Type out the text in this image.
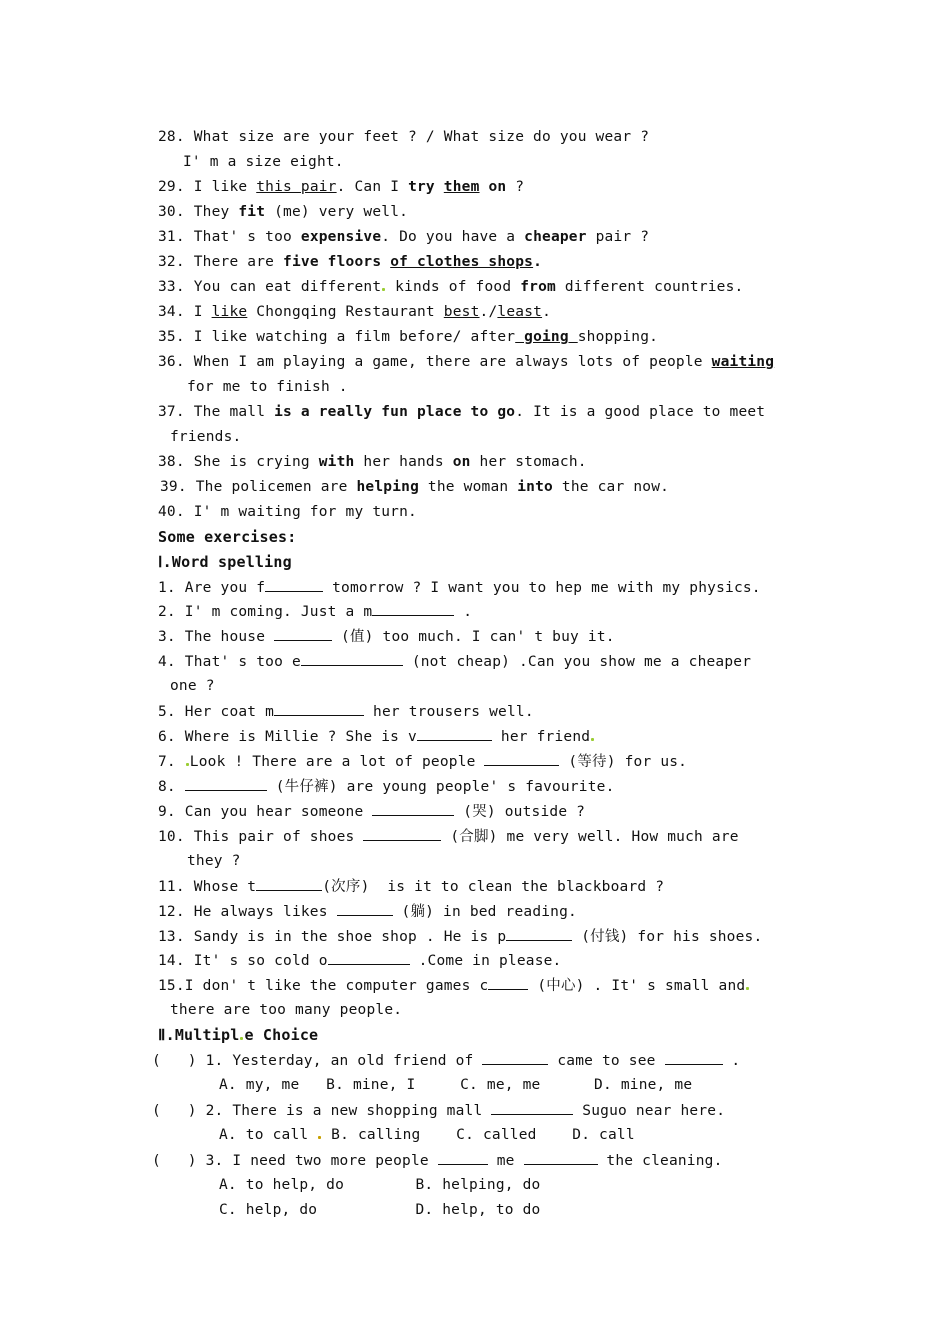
28. What size are your feet ? / What size do you wear ?
I' m a size eight.
29. I like this pair. Can I try them on ?
30. They fit (me) very well.
31. That' s too expensive. Do you have a cheaper pair ?
32. There are five floors of clothes shops.
33. You can eat different kinds of food from different countries.
34. I like Chongqing Restaurant best./least.
35. I like watching a film before/ after going shopping.
36. When I am playing a game, there are always lots of people waiting
for me to finish .
37. The mall is a really fun place to go. It is a good place to meet
friends.
38. She is crying with her hands on her stomach.
39. The policemen are helping the woman into the car now.
40. I' m waiting for my turn.
Some exercises:
Ⅰ.Word spelling
1. Are you f	tomorrow ? I want you to hep me with my physics.
2. I' m coming. Just a m	.
3. The house	(值) too much. I can' t buy it.
4. That' s too e	(not cheap) .Can you show me a cheaper
one ?
5. Her coat m	her trousers well.
6. Where is Millie ? She is v	her friend
7. Look ! There are a lot of people	(等待) for us.
8.	(牛仔裤) are young people' s favourite.
9. Can you hear someone	(哭) outside ?
10. This pair of shoes	(合脚) me very well. How much are
they ?
11. Whose t	(次序)  is it to clean the blackboard ?
12. He always likes	(躺) in bed reading.
13. Sandy is in the shoe shop . He is p	(付钱) for his shoes.
14. It' s so cold o	.Come in please.
15.I don' t like the computer games c	(中心) . It' s small and
there are too many people.
Ⅱ.Multipl e Choice
(   ) 1. Yesterday, an old friend of	came to see	.
A. my, me   B. mine, I     C. me, me      D. mine, me
(   ) 2. There is a new shopping mall	Suguo near here.
A. to call  B. calling    C. called    D. call
(   ) 3. I need two more people	me	the cleaning.
A. to help, do        B. helping, do
C. help, do           D. help, to do
